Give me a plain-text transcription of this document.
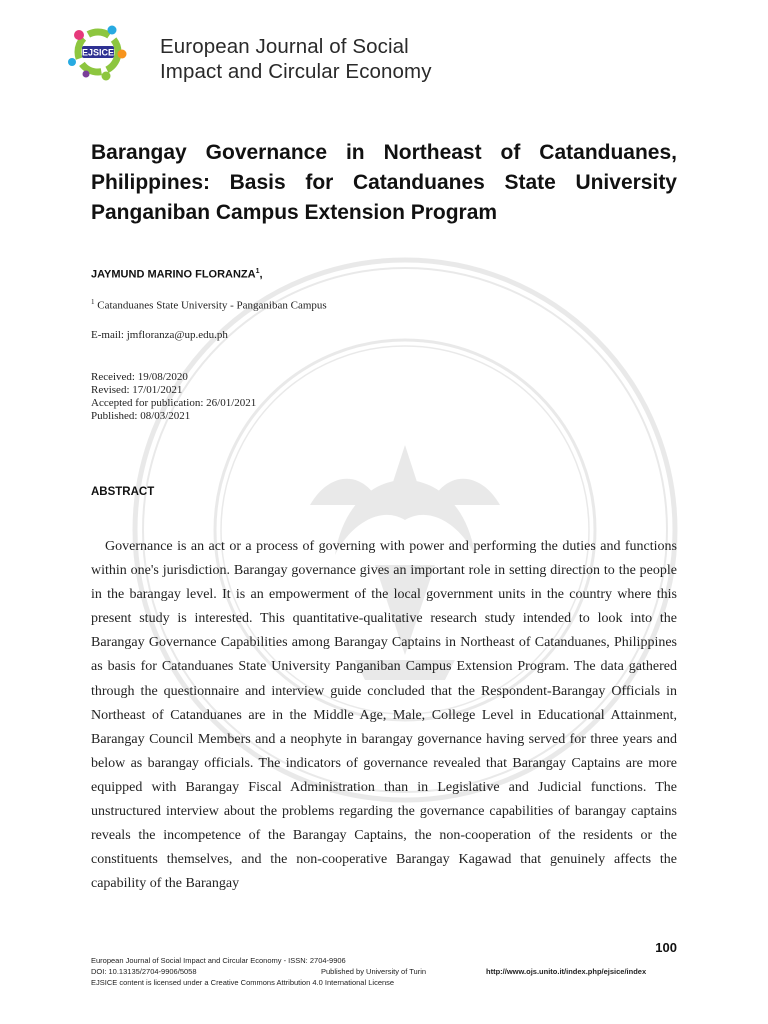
EJSICE European Journal of Social
Impact and Circular Economy
Barangay Governance in Northeast of Catanduanes, Philippines: Basis for Catanduanes State University Panganiban Campus Extension Program
JAYMUND MARINO FLORANZA$^1$,
$^1$ Catanduanes State University - Panganiban Campus
E-mail: jmfloranza@up.edu.ph
Received: 19/08/2020
Revised: 17/01/2021
Accepted for publication: 26/01/2021
Published: 08/03/2021
ABSTRACT
Governance is an act or a process of governing with power and performing the duties and functions within one's jurisdiction. Barangay governance gives an important role in setting direction to the people in the barangay level. It is an empowerment of the local government units in the country where this present study is interested. This quantitative-qualitative research study intended to look into the Barangay Governance Capabilities among Barangay Captains in Northeast of Catanduanes, Philippines as basis for Catanduanes State University Panganiban Campus Extension Program. The data gathered through the questionnaire and interview guide concluded that the Respondent-Barangay Officials in Northeast of Catanduanes are in the Middle Age, Male, College Level in Educational Attainment, Barangay Council Members and a neophyte in barangay governance having served for three years and below as barangay officials. The indicators of governance revealed that Barangay Captains are more equipped with Barangay Fiscal Administration than in Legislative and Judicial functions. The unstructured interview about the problems regarding the governance capabilities of barangay captains reveals the incompetence of the Barangay Captains, the non-cooperation of the residents or the constituents themselves, and the non-cooperative Barangay Kagawad that genuinely affects the capability of the Barangay
100
European Journal of Social Impact and Circular Economy - ISSN: 2704-9906
DOI: 10.13135/2704-9906/5058	Published by University of Turin	http://www.ojs.unito.it/index.php/ejsice/index
EJSICE content is licensed under a Creative Commons Attribution 4.0 International License
